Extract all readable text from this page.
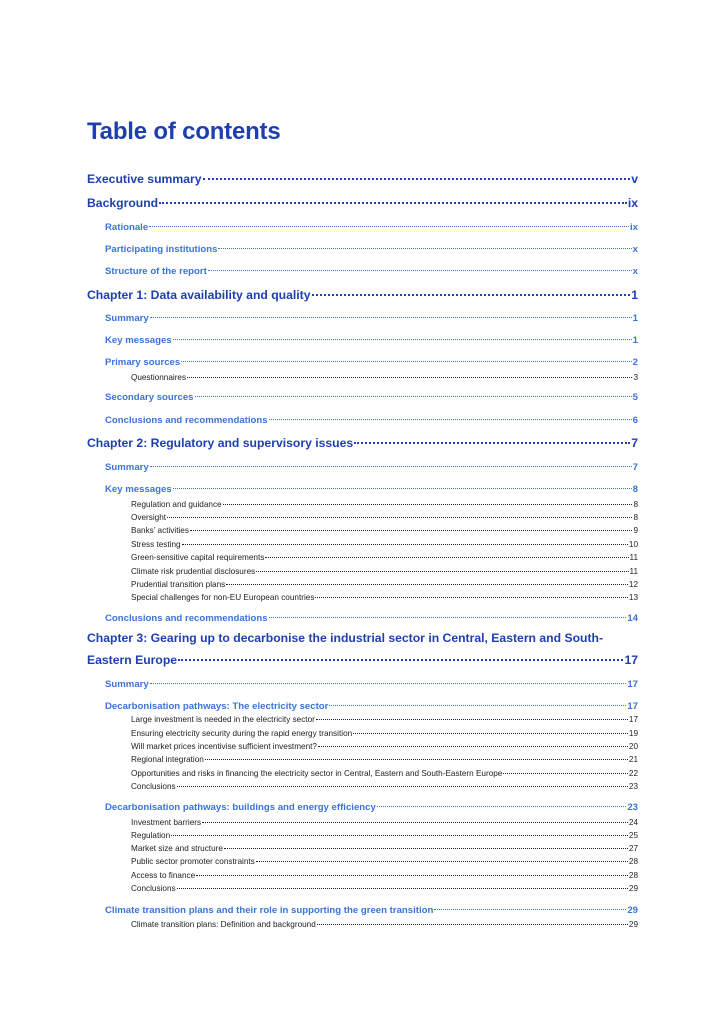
Table of contents
Executive summary	v
Background	ix
Rationale	ix
Participating institutions	x
Structure of the report	x
Chapter 1: Data availability and quality	1
Summary	1
Key messages	1
Primary sources	2
Questionnaires	3
Secondary sources	5
Conclusions and recommendations	6
Chapter 2: Regulatory and supervisory issues	7
Summary	7
Key messages	8
Regulation and guidance	8
Oversight	8
Banks’ activities	9
Stress testing	10
Green-sensitive capital requirements	11
Climate risk prudential disclosures	11
Prudential transition plans	12
Special challenges for non-EU European countries	13
Conclusions and recommendations	14
Chapter 3: Gearing up to decarbonise the industrial sector in Central, Eastern and South-
Eastern Europe	17
Summary	17
Decarbonisation pathways: The electricity sector	17
Large investment is needed in the electricity sector	17
Ensuring electricity security during the rapid energy transition	19
Will market prices incentivise sufficient investment?	20
Regional integration	21
Opportunities and risks in financing the electricity sector in Central, Eastern and South-Eastern Europe	22
Conclusions	23
Decarbonisation pathways: buildings and energy efficiency	23
Investment barriers	24
Regulation	25
Market size and structure	27
Public sector promoter constraints	28
Access to finance	28
Conclusions	29
Climate transition plans and their role in supporting the green transition	29
Climate transition plans: Definition and background	29
